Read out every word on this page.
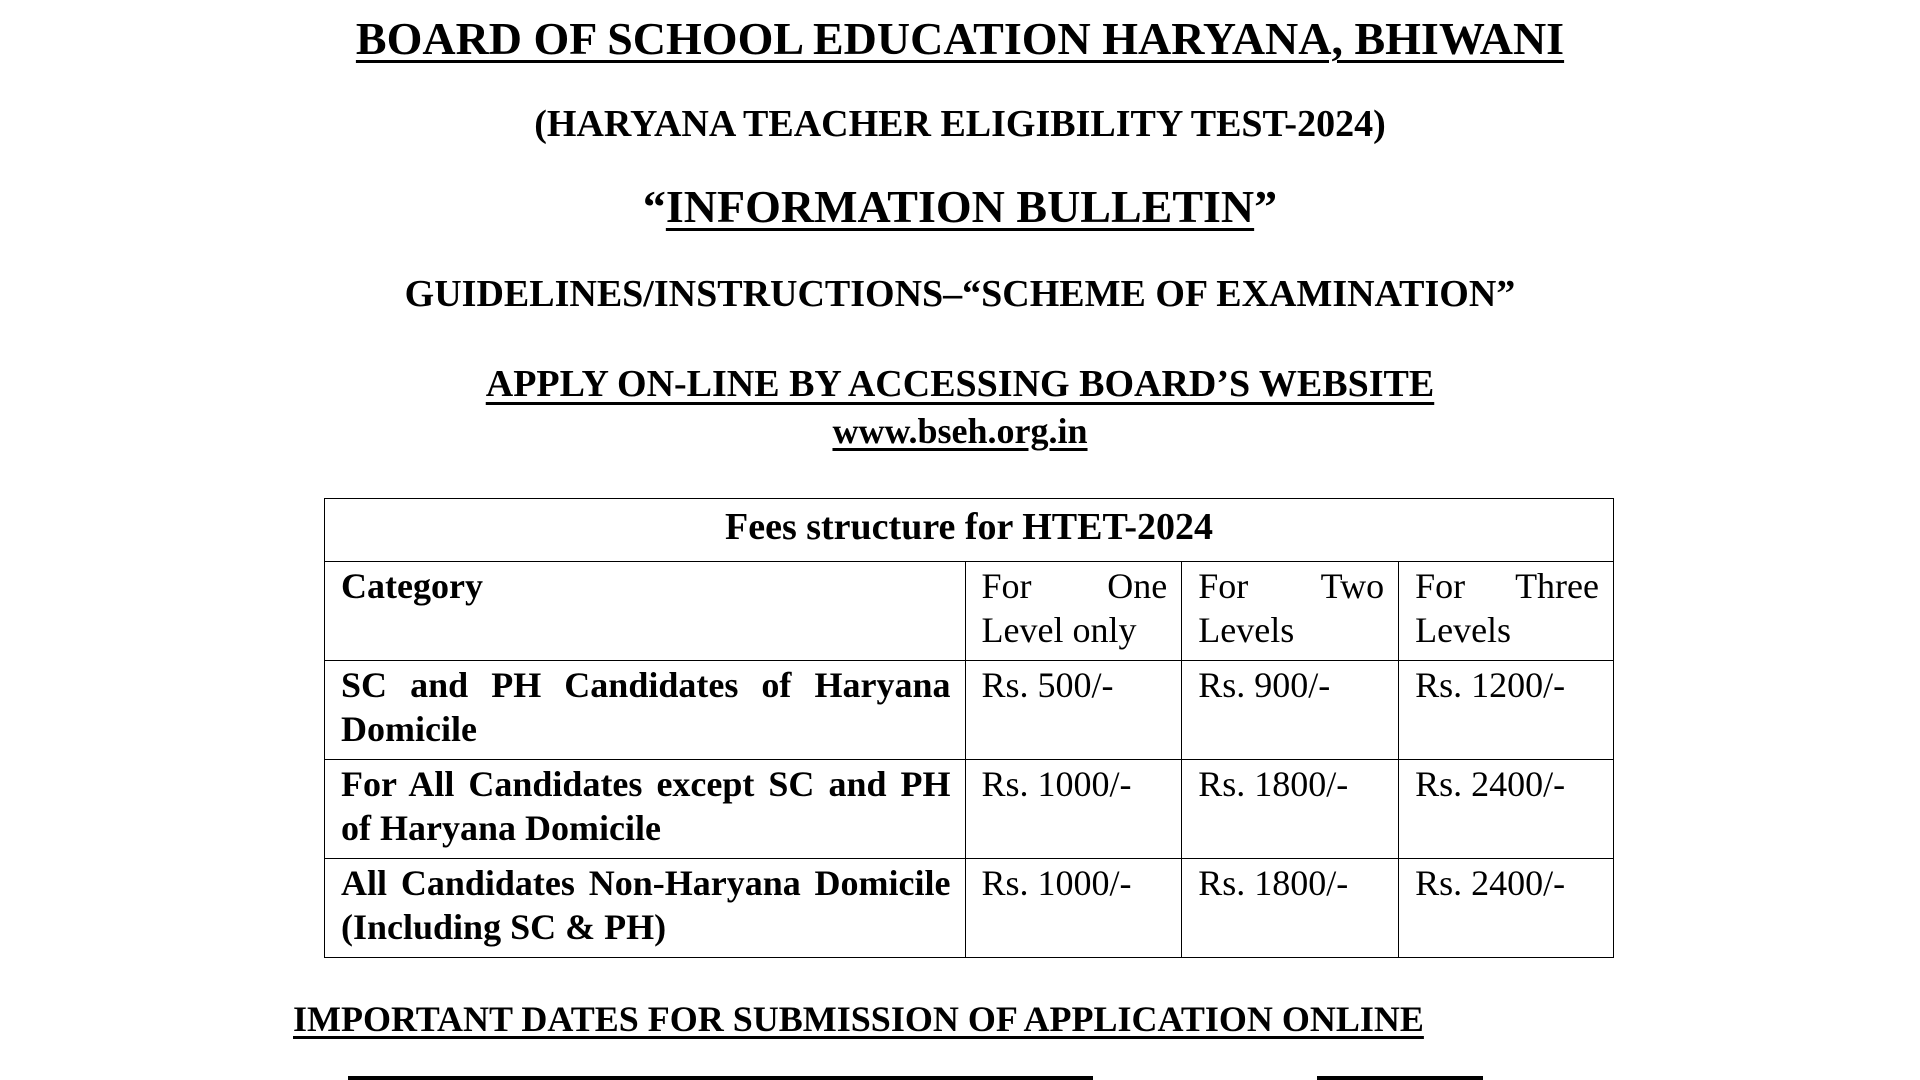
BOARD OF SCHOOL EDUCATION HARYANA, BHIWANI
(HARYANA TEACHER ELIGIBILITY TEST-2024)
“INFORMATION BULLETIN”
GUIDELINES/INSTRUCTIONS–“SCHEME OF EXAMINATION”
APPLY ON-LINE BY ACCESSING BOARD’S WEBSITE
www.bseh.org.in
Fees structure for HTET-2024			
Category	For One Level only	For Two Levels	For Three Levels
SC and PH Candidates of Haryana Domicile	Rs. 500/-	Rs. 900/-	Rs. 1200/-
For All Candidates except SC and PH of Haryana Domicile	Rs. 1000/-	Rs. 1800/-	Rs. 2400/-
All Candidates Non-Haryana Domicile (Including SC & PH)	Rs. 1000/-	Rs. 1800/-	Rs. 2400/-
IMPORTANT DATES FOR SUBMISSION OF APPLICATION ONLINE
